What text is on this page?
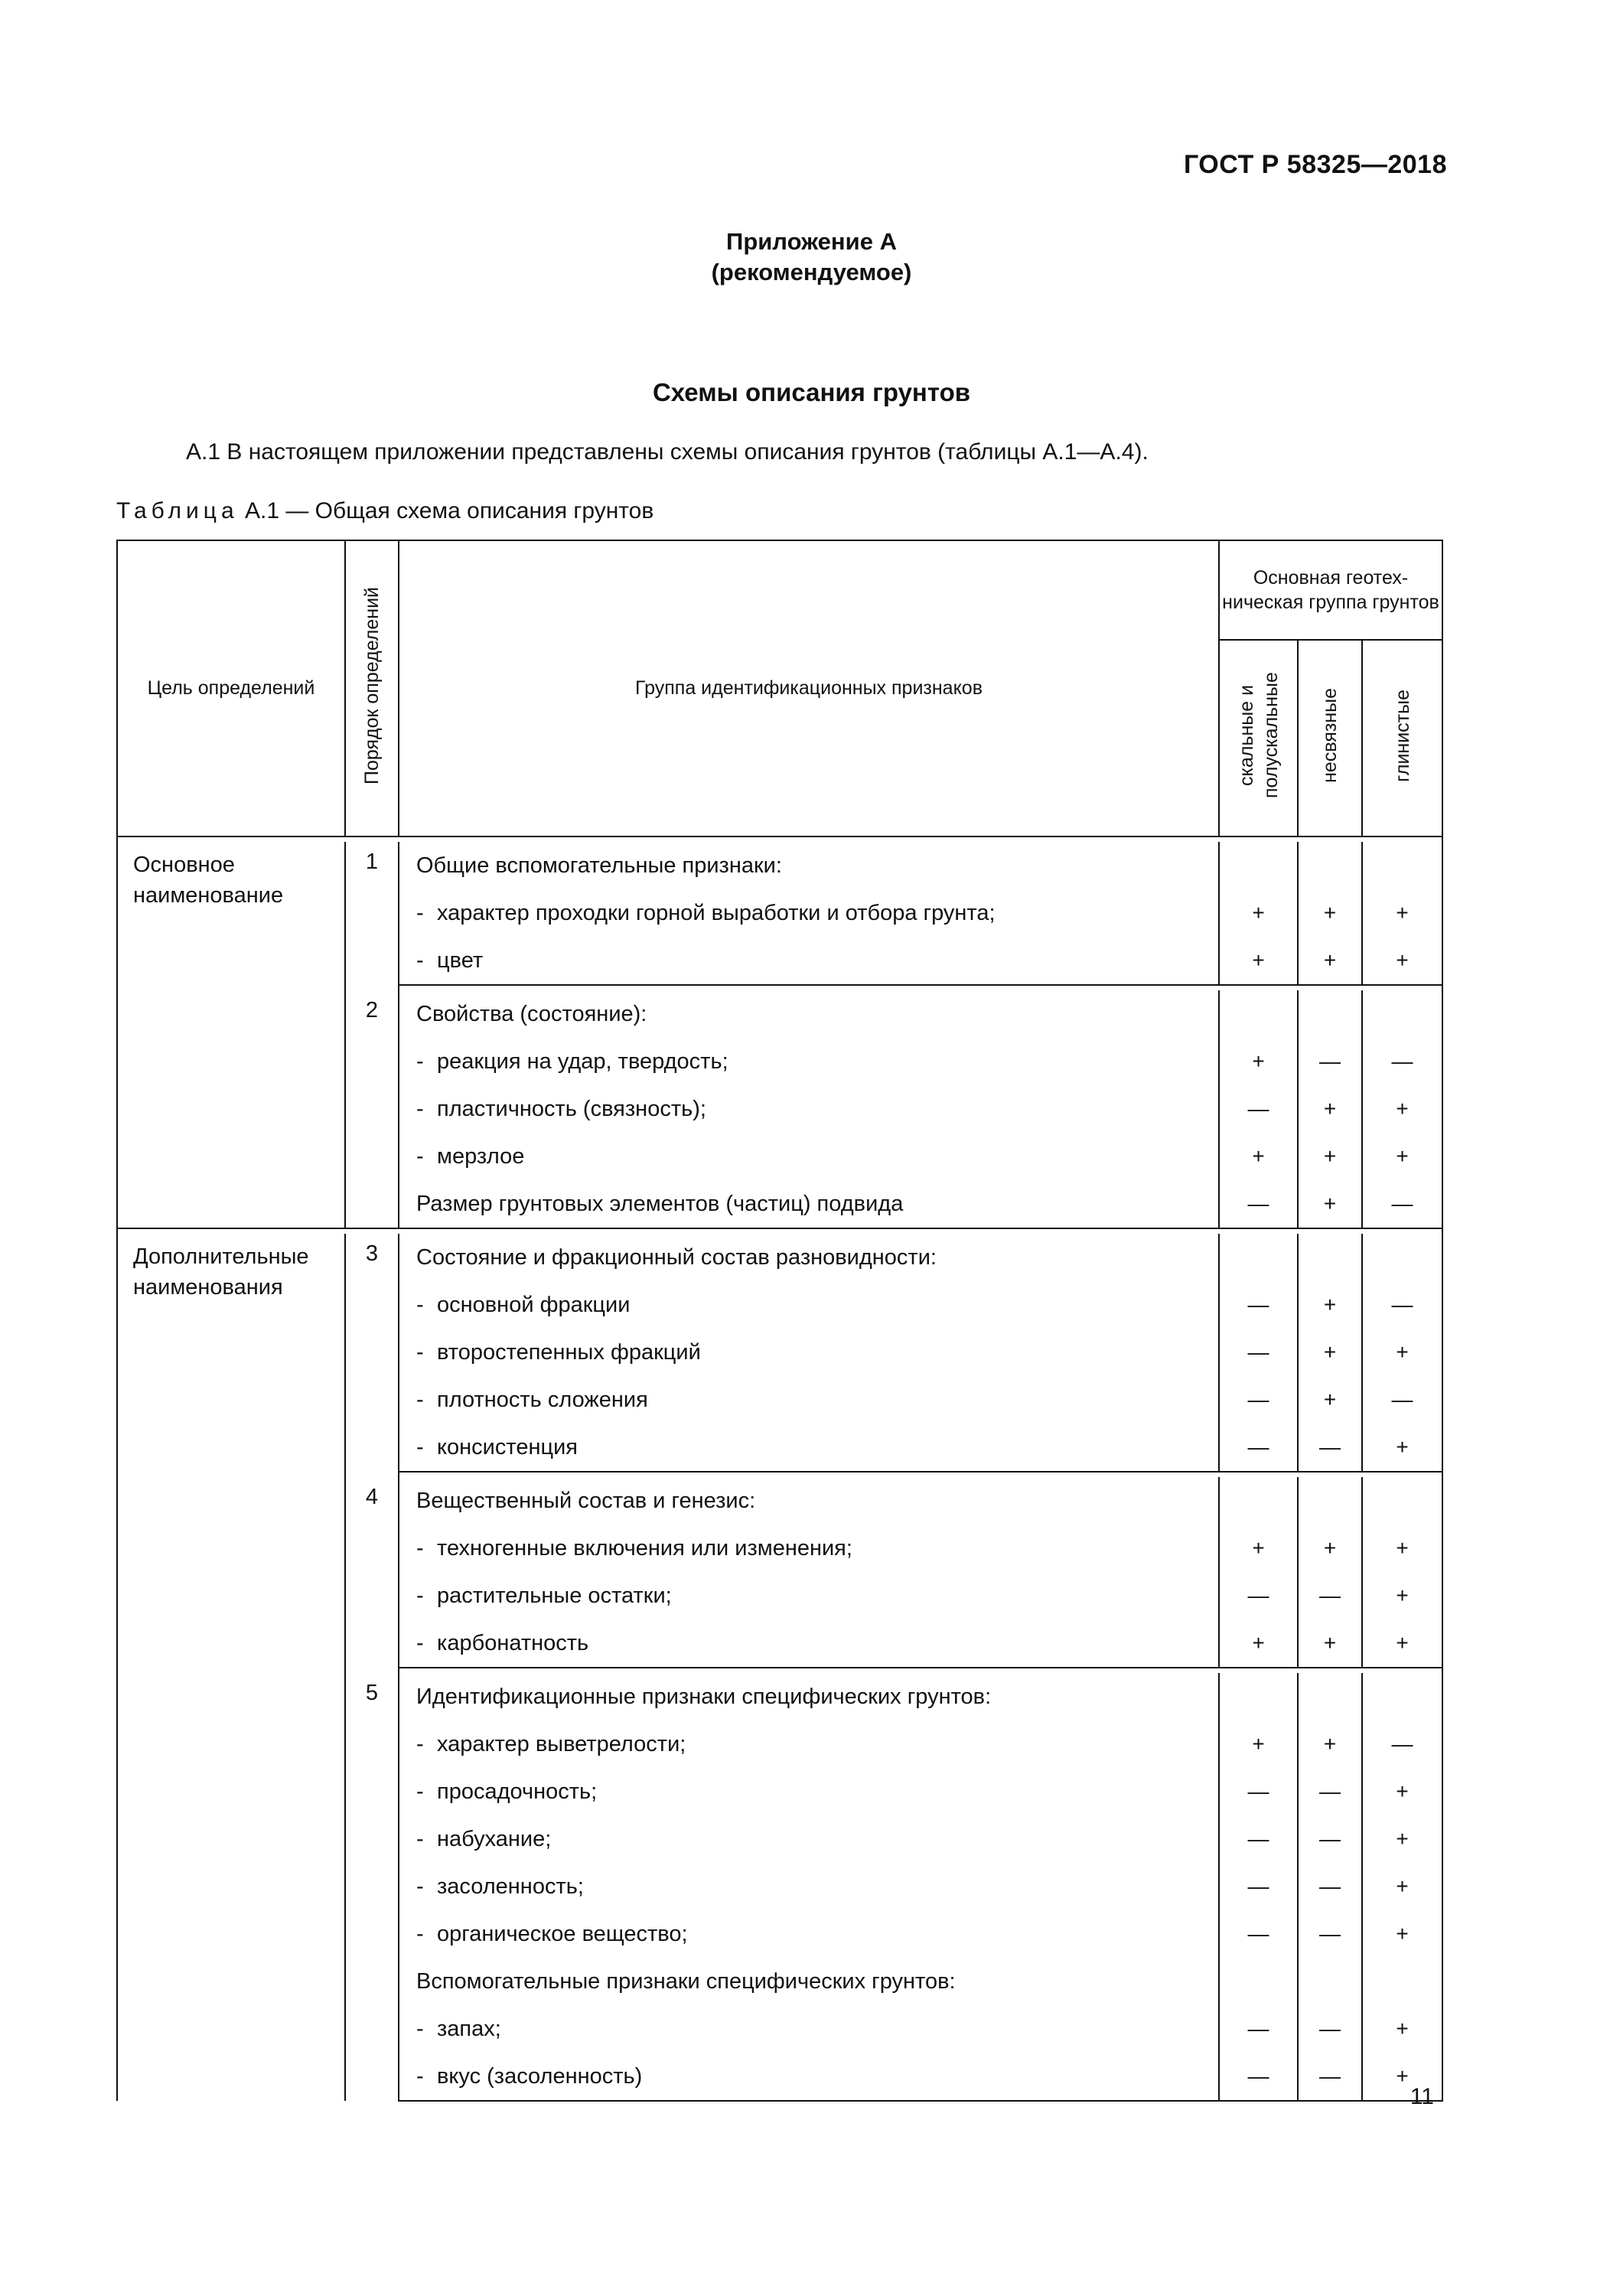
ГОСТ Р 58325—2018
Приложение А
(рекомендуемое)
Схемы описания грунтов
А.1 В настоящем приложении представлены схемы описания грунтов (таблицы А.1—А.4).
Таблица А.1 — Общая схема описания грунтов
Цель определений	Порядок определений	Группа идентификационных признаков	Основная геотех-ническая группа грунтов		
			скальные и полускальные	несвязные	глинистые

Основное наименование	1	Общие вспомогательные признаки:			
		- характер проходки горной выработки и отбора грунта;	+	+	+
		- цвет	+	+	+

	2	Свойства (состояние):			
		- реакция на удар, твердость;	+	—	—
		- пластичность (связность);	—	+	+
		- мерзлое	+	+	+
		Размер грунтовых элементов (частиц) подвида	—	+	—

Дополнительные наименования	3	Состояние и фракционный состав разновидности:			
		- основной фракции	—	+	—
		- второстепенных фракций	—	+	+
		- плотность сложения	—	+	—
		- консистенция	—	—	+

	4	Вещественный состав и генезис:			
		- техногенные включения или изменения;	+	+	+
		- растительные остатки;	—	—	+
		- карбонатность	+	+	+

	5	Идентификационные признаки специфических грунтов:			
		- характер выветрелости;	+	+	—
		- просадочность;	—	—	+
		- набухание;	—	—	+
		- засоленность;	—	—	+
		- органическое вещество;	—	—	+
		Вспомогательные признаки специфических грунтов:			
		- запах;	—	—	+
		- вкус (засоленность)	—	—	+
11
